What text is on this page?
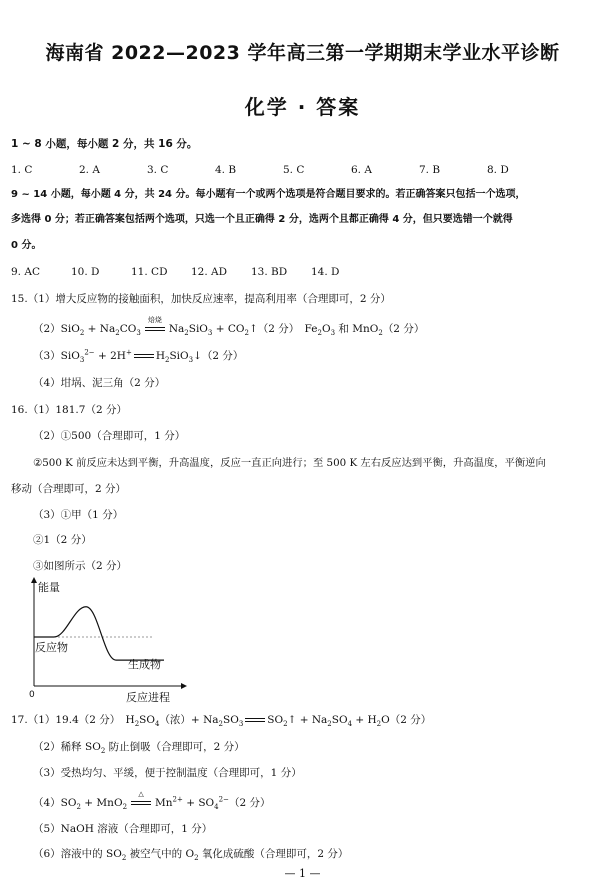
海南省 2022—2023 学年高三第一学期期末学业水平诊断
化学 · 答案
1 ~ 8 小题，每小题 2 分，共 16 分。
1. C	2. A	3. C	4. B	5. C	6. A	7. B	8. D
9 ~ 14 小题，每小题 4 分，共 24 分。每小题有一个或两个选项是符合题目要求的。若正确答案只包括一个选项，
多选得 0 分；若正确答案包括两个选项，只选一个且正确得 2 分，选两个且都正确得 4 分，但只要选错一个就得
0 分。
9. AC	10. D	11. CD 12. AD 13. BD 14. D
15.（1）增大反应物的接触面积，加快反应速率，提高利用率（合理即可，2 分）
$(2)SiO_2 + Na_2CO_3$
焙烧
$Na_2SiO_3$ + $CO_2↑(2$ 分）　$Fe_2O_3$ 和 MnO$_2$（2 分）
（3）SiO$_3^{2-}$ + 2H+ $H_2SiO_3↓(2$ 分）
（4）坩埚、泥三角（2 分）
16.（1）181.7（2 分）
（2）①500（合理即可，1 分）
②500 K 前反应未达到平衡，升高温度，反应一直正向进行；至 500 K 左右反应达到平衡，升高温度，平衡逆向
移动（合理即可，2 分）
（3）①甲（1 分）
②1（2 分）
③如图所示（2 分）
能量
反应进程
0
反应物
生成物
17.（1）19.4（2 分）　$H_2SO_4$（浓）+ $Na_2SO_3$ $SO_2↑ + Na_2SO_4 + H_2O(2$ 分）
（2）稀释 $SO_2$ 防止倒吸（合理即可，2 分）
（3）受热均匀、平缓，便于控制温度（合理即可，1 分）
$(4)SO_2 + MnO_2$
△
$Mn^{2+} + SO_4^{2-}(2$ 分）
（5）NaOH 溶液（合理即可，1 分）
（6）溶液中的 $SO_2$ 被空气中的 $O_2$ 氧化成硫酸（合理即可，2 分）
— 1 —
